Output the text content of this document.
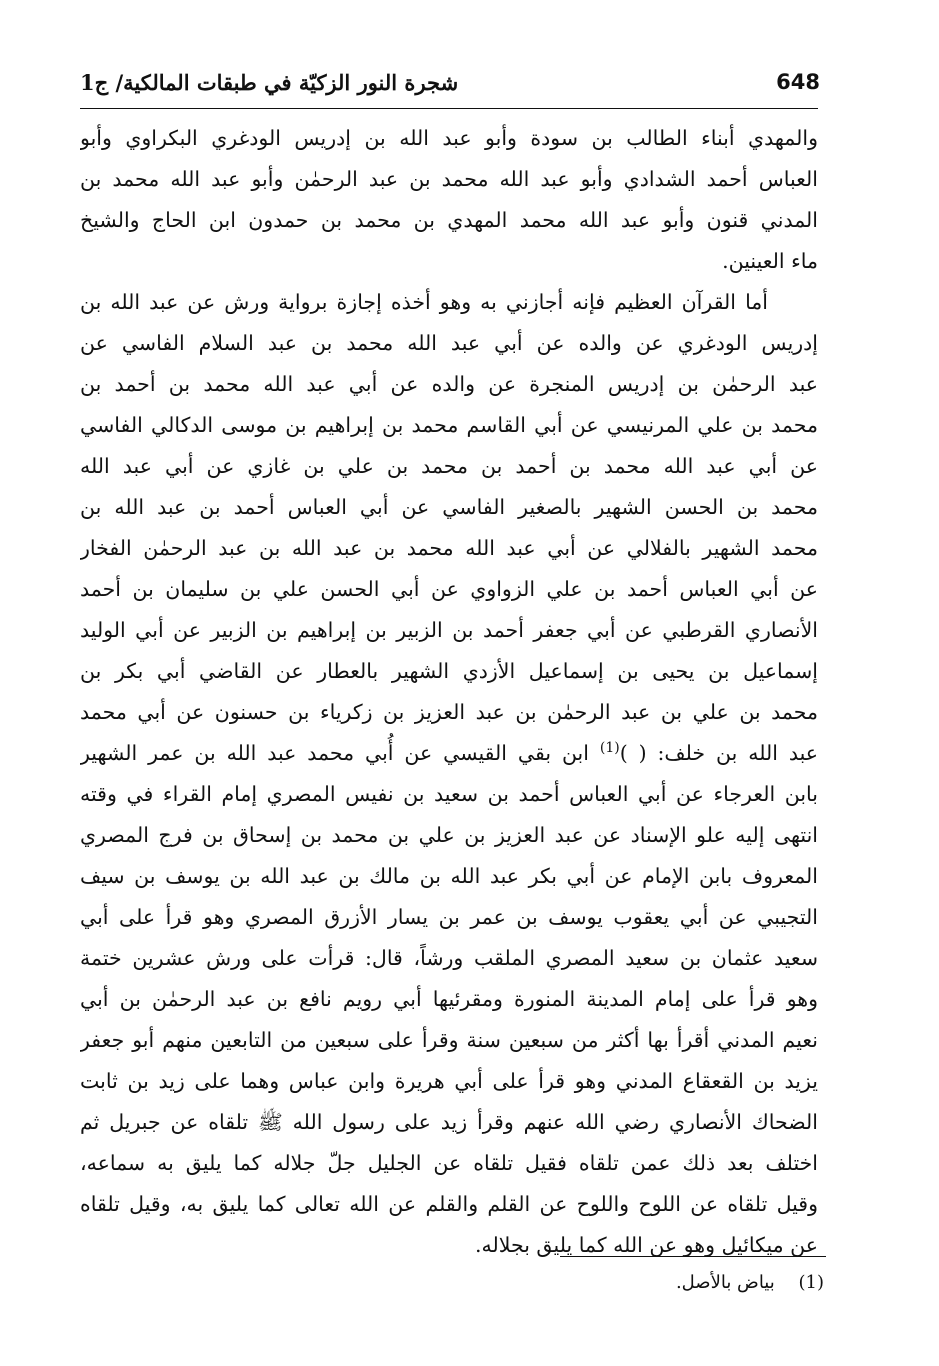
648
شجرة النور الزكيّة في طبقات المالكية/ ج1
والمهدي أبناء الطالب بن سودة وأبو عبد الله بن إدريس الودغري البكراوي وأبو
العباس أحمد الشدادي وأبو عبد الله محمد بن عبد الرحمٰن وأبو عبد الله محمد بن
المدني قنون وأبو عبد الله محمد المهدي بن محمد بن حمدون ابن الحاج والشيخ
ماء العينين.
أما القرآن العظيم فإنه أجازني به وهو أخذه إجازة برواية ورش عن عبد الله بن
إدريس الودغري عن والده عن أبي عبد الله محمد بن عبد السلام الفاسي عن
عبد الرحمٰن بن إدريس المنجرة عن والده عن أبي عبد الله محمد بن أحمد بن
محمد بن علي المرنيسي عن أبي القاسم محمد بن إبراهيم بن موسى الدكالي الفاسي
عن أبي عبد الله محمد بن أحمد بن محمد بن علي بن غازي عن أبي عبد الله
محمد بن الحسن الشهير بالصغير الفاسي عن أبي العباس أحمد بن عبد الله بن
محمد الشهير بالفلالي عن أبي عبد الله محمد بن عبد الله بن عبد الرحمٰن الفخار
عن أبي العباس أحمد بن علي الزواوي عن أبي الحسن علي بن سليمان بن أحمد
الأنصاري القرطبي عن أبي جعفر أحمد بن الزبير بن إبراهيم بن الزبير عن أبي الوليد
إسماعيل بن يحيى بن إسماعيل الأزدي الشهير بالعطار عن القاضي أبي بكر بن
محمد بن علي بن عبد الرحمٰن بن عبد العزيز بن زكرياء بن حسنون عن أبي محمد
عبد الله بن خلف: ( )$^{(1)}$ ابن بقي القيسي عن أُبي محمد عبد الله بن عمر الشهير
بابن العرجاء عن أبي العباس أحمد بن سعيد بن نفيس المصري إمام القراء في وقته
انتهى إليه علو الإسناد عن عبد العزيز بن علي بن محمد بن إسحاق بن فرج المصري
المعروف بابن الإمام عن أبي بكر عبد الله بن مالك بن عبد الله بن يوسف بن سيف
التجيبي عن أبي يعقوب يوسف بن عمر بن يسار الأزرق المصري وهو قرأ على أبي
سعيد عثمان بن سعيد المصري الملقب ورشاً، قال: قرأت على ورش عشرين ختمة
وهو قرأ على إمام المدينة المنورة ومقرئيها أبي رويم نافع بن عبد الرحمٰن بن أبي
نعيم المدني أقرأ بها أكثر من سبعين سنة وقرأ على سبعين من التابعين منهم أبو جعفر
يزيد بن القعقاع المدني وهو قرأ على أبي هريرة وابن عباس وهما على زيد بن ثابت
الضحاك الأنصاري رضي الله عنهم وقرأ زيد على رسول الله ﷺ تلقاه عن جبريل ثم
اختلف بعد ذلك عمن تلقاه فقيل تلقاه عن الجليل جلّ جلاله كما يليق به سماعه،
وقيل تلقاه عن اللوح واللوح عن القلم والقلم عن الله تعالى كما يليق به، وقيل تلقاه
عن ميكائيل وهو عن الله كما يليق بجلاله.
(1) بياض بالأصل.
